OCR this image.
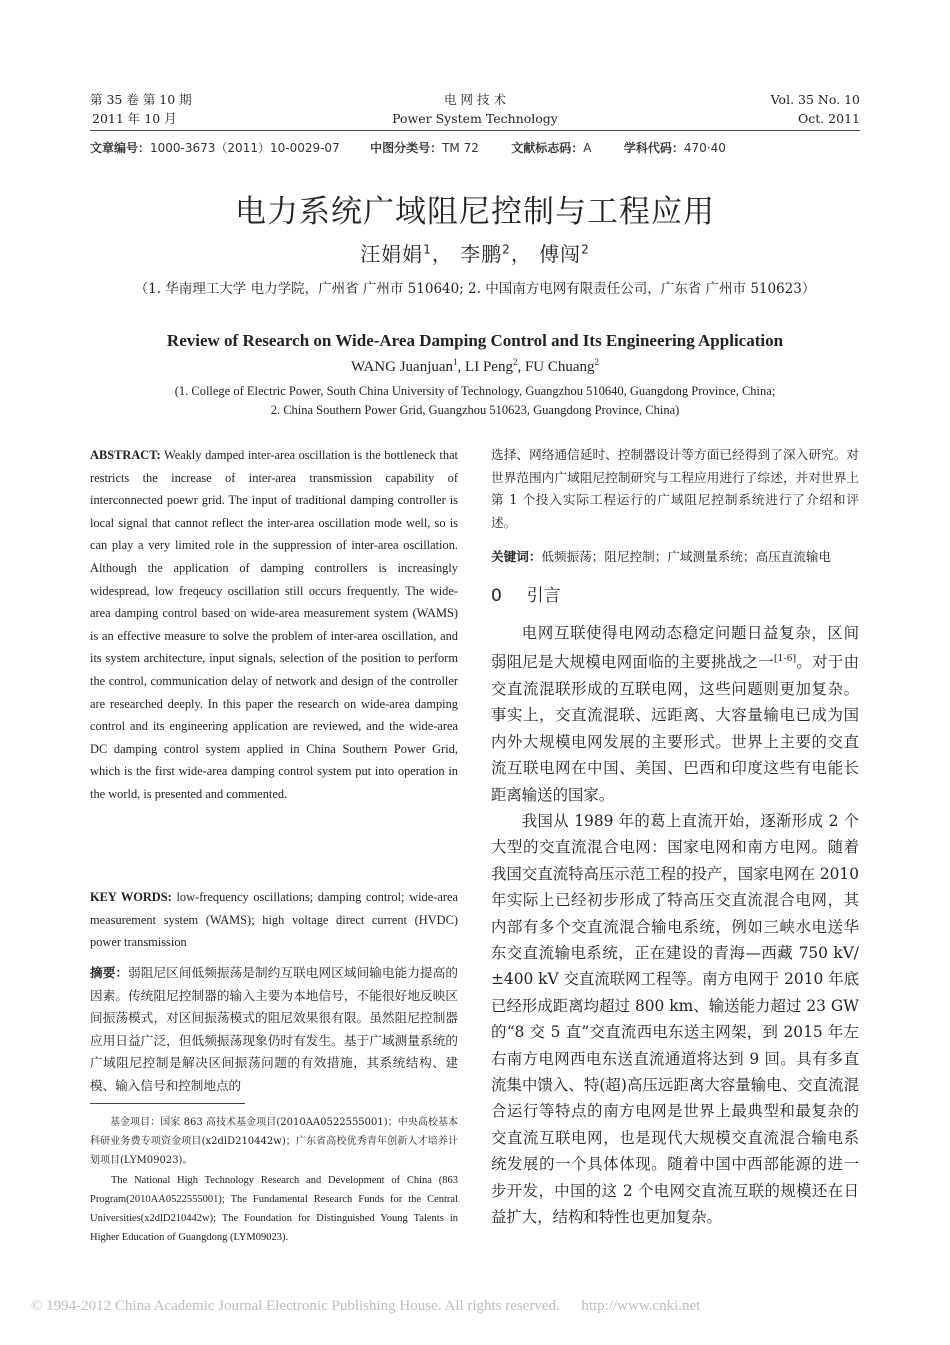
第 35 卷 第 10 期
2011 年 10 月
电 网 技 术
Power System Technology
Vol. 35 No. 10
Oct. 2011
文章编号：1000-3673（2011）10-0029-07	中图分类号：TM 72	文献标志码：A	学科代码：470·40
电力系统广域阻尼控制与工程应用
汪娟娟$^1$， 李鹏$^2$， 傅闯$^2$
（1. 华南理工大学 电力学院，广州省 广州市 510640; 2. 中国南方电网有限责任公司，广东省 广州市 510623）
Review of Research on Wide-Area Damping Control and Its Engineering Application
WANG Juanjuan$^1$, LI Peng$^2$, FU Chuang$^2$
(1. College of Electric Power, South China University of Technology, Guangzhou 510640, Guangdong Province, China;
2. China Southern Power Grid, Guangzhou 510623, Guangdong Province, China)
ABSTRACT: Weakly damped inter-area oscillation is the bottleneck that restricts the increase of inter-area transmission capability of interconnected poewr grid. The input of traditional damping controller is local signal that cannot reflect the inter-area oscillation mode well, so is can play a very limited role in the suppression of inter-area oscillation. Although the application of damping controllers is increasingly widespread, low freqeucy oscillation still occurs frequently. The wide-area damping control based on wide-area measurement system (WAMS) is an effective measure to solve the problem of inter-area oscillation, and its system architecture, input signals, selection of the position to perform the control, communication delay of network and design of the controller are researched deeply. In this paper the research on wide-area damping control and its engineering application are reviewed, and the wide-area DC damping control system applied in China Southern Power Grid, which is the first wide-area damping control system put into operation in the world, is presented and commented.
KEY WORDS: low-frequency oscillations; damping control; wide-area measurement system (WAMS); high voltage direct current (HVDC) power transmission
摘要：弱阻尼区间低频振荡是制约互联电网区域间输电能力提高的因素。传统阻尼控制器的输入主要为本地信号，不能很好地反映区间振荡模式，对区间振荡模式的阻尼效果很有限。虽然阻尼控制器应用日益广泛，但低频振荡现象仍时有发生。基于广域测量系统的广域阻尼控制是解决区间振荡问题的有效措施，其系统结构、建模、输入信号和控制地点的

基金项目：国家 863 高技术基金项目(2010AA0522555001)；中央高校基本科研业务费专项资金项目(x2dlD210442w)；广东省高校优秀青年创新人才培养计划项目(LYM09023)。

The National High Technology Research and Development of China (863 Program(2010AA0522555001); The Fundamental Research Funds for the Central Universities(x2dlD210442w); The Foundation for Distinguished Young Talents in Higher Education of Guangdong (LYM09023).

选择、网络通信延时、控制器设计等方面已经得到了深入研究。对世界范围内广域阻尼控制研究与工程应用进行了综述，并对世界上第 1 个投入实际工程运行的广域阻尼控制系统进行了介绍和评述。
关键词：低频振荡；阻尼控制；广域测量系统；高压直流输电
0 引言

电网互联使得电网动态稳定问题日益复杂，区间弱阻尼是大规模电网面临的主要挑战之一[1-6]。对于由交直流混联形成的互联电网，这些问题则更加复杂。事实上，交直流混联、远距离、大容量输电已成为国内外大规模电网发展的主要形式。世界上主要的交直流互联电网在中国、美国、巴西和印度这些有电能长距离输送的国家。

我国从 1989 年的葛上直流开始，逐渐形成 2 个大型的交直流混合电网：国家电网和南方电网。随着我国交直流特高压示范工程的投产，国家电网在 2010 年实际上已经初步形成了特高压交直流混合电网，其内部有多个交直流混合输电系统，例如三峡水电送华东交直流输电系统，正在建设的青海—西藏 750 kV/±400 kV 交直流联网工程等。南方电网于 2010 年底已经形成距离均超过 800 km、输送能力超过 23 GW 的“8 交 5 直”交直流西电东送主网架，到 2015 年左右南方电网西电东送直流通道将达到 9 回。具有多直流集中馈入、特(超)高压远距离大容量输电、交直流混合运行等特点的南方电网是世界上最典型和最复杂的交直流互联电网，也是现代大规模交直流混合输电系统发展的一个具体体现。随着中国中西部能源的进一步开发，中国的这 2 个电网交直流互联的规模还在日益扩大，结构和特性也更加复杂。

© 1994-2012 China Academic Journal Electronic Publishing House. All rights reserved. http://www.cnki.net
